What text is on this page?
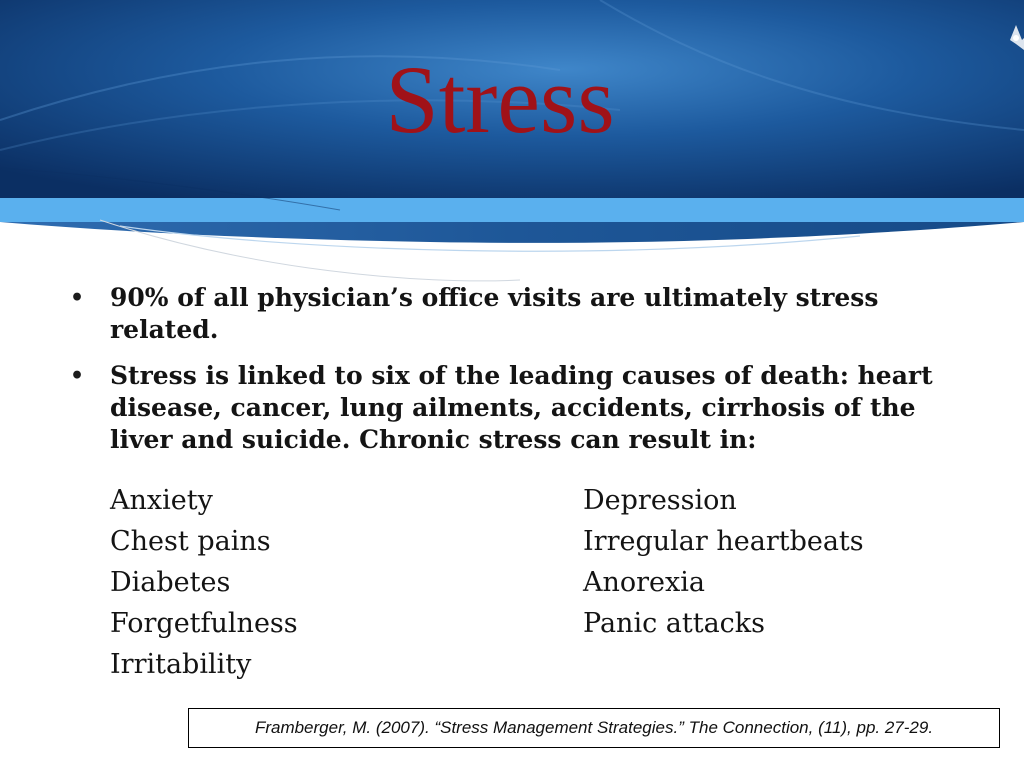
Stress
• 90% of all physician’s office visits are ultimately stress related.
• Stress is linked to six of the leading causes of death: heart disease, cancer, lung ailments, accidents, cirrhosis of the liver and suicide. Chronic stress can result in:
Anxiety	Depression
Chest pains	Irregular heartbeats
Diabetes	Anorexia
Forgetfulness	Panic attacks
Irritability
Framberger, M. (2007). “Stress Management Strategies.” The Connection, (11), pp. 27-29.
